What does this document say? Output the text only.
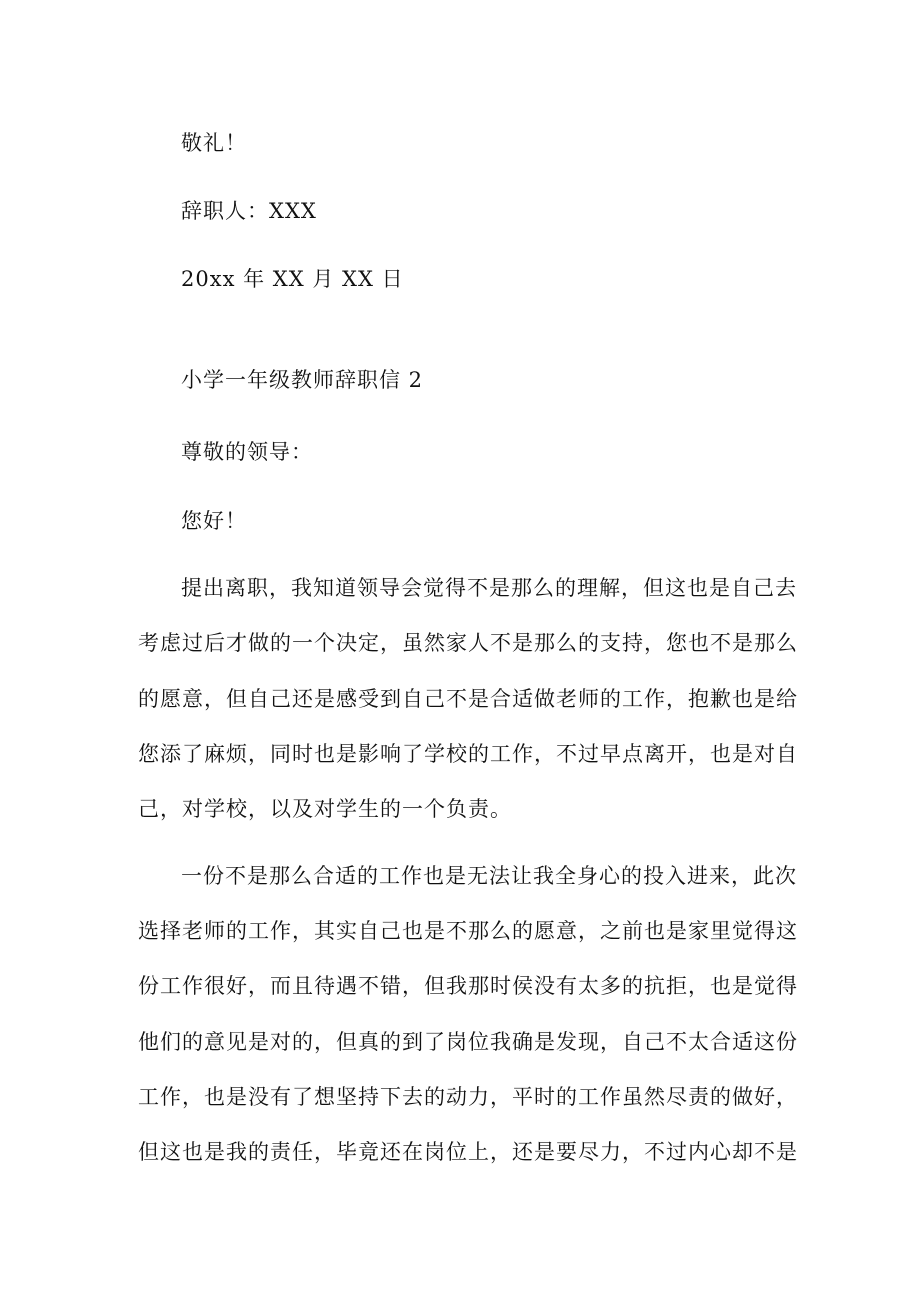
敬礼！
辞职人：XXX
20xx 年 XX 月 XX 日
小学一年级教师辞职信 2
尊敬的领导：
您好！
提出离职，我知道领导会觉得不是那么的理解，但这也是自己去
考虑过后才做的一个决定，虽然家人不是那么的支持，您也不是那么
的愿意，但自己还是感受到自己不是合适做老师的工作，抱歉也是给
您添了麻烦，同时也是影响了学校的工作，不过早点离开，也是对自
己，对学校，以及对学生的一个负责。
一份不是那么合适的工作也是无法让我全身心的投入进来，此次
选择老师的工作，其实自己也是不那么的愿意，之前也是家里觉得这
份工作很好，而且待遇不错，但我那时侯没有太多的抗拒，也是觉得
他们的意见是对的，但真的到了岗位我确是发现，自己不太合适这份
工作，也是没有了想坚持下去的动力，平时的工作虽然尽责的做好，
但这也是我的责任，毕竟还在岗位上，还是要尽力，不过内心却不是
